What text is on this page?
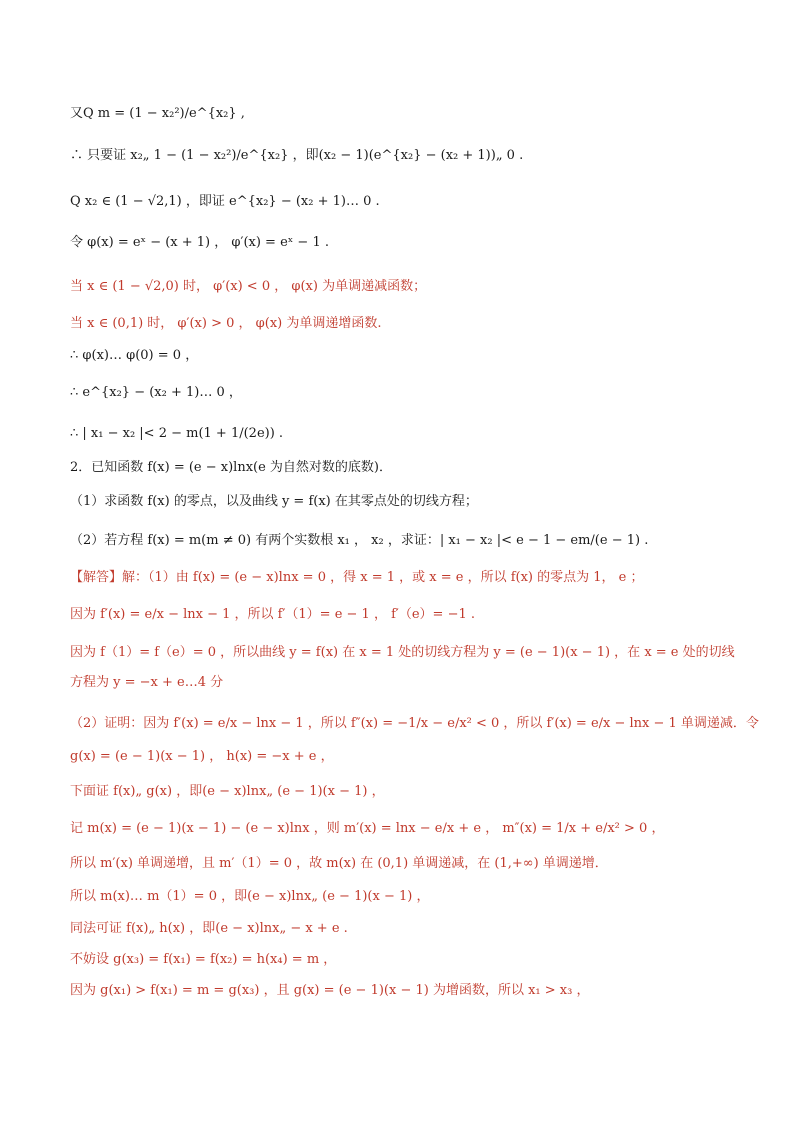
又Q m = (1 − x₂²)/e^{x₂} ,
∴ 只要证 x₂„ 1 − (1 − x₂²)/e^{x₂} ，即(x₂ − 1)(e^{x₂} − (x₂ + 1))„ 0 .
Q x₂ ∈ (1 − √2,1) ，即证 e^{x₂} − (x₂ + 1)… 0 .
令 φ(x) = eˣ − (x + 1) ， φ′(x) = eˣ − 1 .
当 x ∈ (1 − √2,0) 时， φ′(x) < 0 ， φ(x) 为单调递减函数；
当 x ∈ (0,1) 时， φ′(x) > 0 ， φ(x) 为单调递增函数.
∴ φ(x)… φ(0) = 0 ，
∴ e^{x₂} − (x₂ + 1)… 0 ，
∴ | x₁ − x₂ |< 2 − m(1 + 1/(2e)) .
2．已知函数 f(x) = (e − x)lnx(e 为自然对数的底数)．
（1）求函数 f(x) 的零点，以及曲线 y = f(x) 在其零点处的切线方程；
（2）若方程 f(x) = m(m ≠ 0) 有两个实数根 x₁ ， x₂ ，求证：| x₁ − x₂ |< e − 1 − em/(e − 1) .
【解答】解：（1）由 f(x) = (e − x)lnx = 0 ，得 x = 1 ，或 x = e ，所以 f(x) 的零点为 1， e ；
因为 f′(x) = e/x − lnx − 1 ，所以 f′（1）= e − 1 ， f′（e）= −1 .
因为 f（1）= f（e）= 0 ，所以曲线 y = f(x) 在 x = 1 处的切线方程为 y = (e − 1)(x − 1) ，在 x = e 处的切线
方程为 y = −x + e…4 分
（2）证明：因为 f′(x) = e/x − lnx − 1 ，所以 f″(x) = −1/x − e/x² < 0 ，所以 f′(x) = e/x − lnx − 1 单调递减．令
g(x) = (e − 1)(x − 1) ， h(x) = −x + e ，
下面证 f(x)„ g(x) ，即(e − x)lnx„ (e − 1)(x − 1) ，
记 m(x) = (e − 1)(x − 1) − (e − x)lnx ，则 m′(x) = lnx − e/x + e ， m″(x) = 1/x + e/x² > 0 ，
所以 m′(x) 单调递增，且 m′（1）= 0 ，故 m(x) 在 (0,1) 单调递减，在 (1,+∞) 单调递增．
所以 m(x)… m（1）= 0 ，即(e − x)lnx„ (e − 1)(x − 1) ，
同法可证 f(x)„ h(x) ，即(e − x)lnx„ − x + e .
不妨设 g(x₃) = f(x₁) = f(x₂) = h(x₄) = m ，
因为 g(x₁) > f(x₁) = m = g(x₃) ，且 g(x) = (e − 1)(x − 1) 为增函数，所以 x₁ > x₃ ，
